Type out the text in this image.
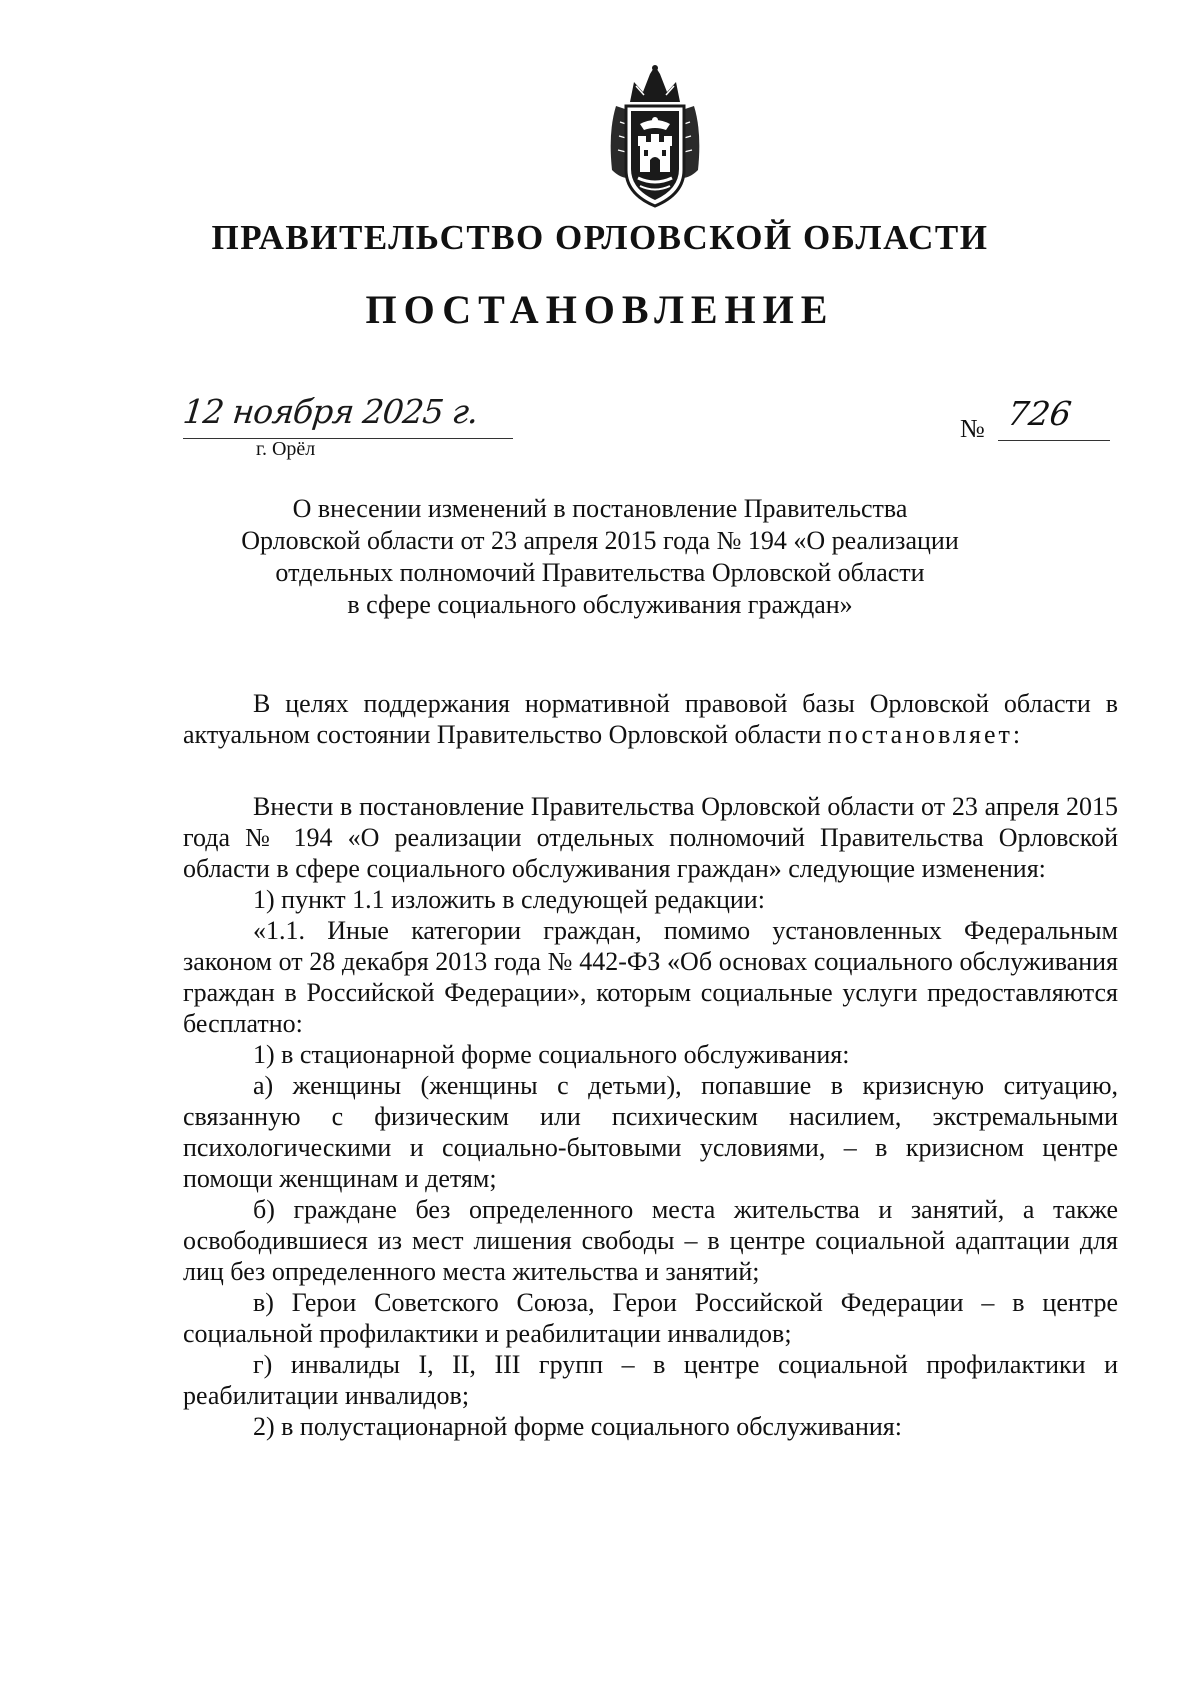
ПРАВИТЕЛЬСТВО ОРЛОВСКОЙ ОБЛАСТИ
ПОСТАНОВЛЕНИЕ
12 ноября 2025 г.
г. Орёл
№ 726
О внесении изменений в постановление Правительства
Орловской области от 23 апреля 2015 года № 194 «О реализации
отдельных полномочий Правительства Орловской области
в сфере социального обслуживания граждан»

В целях поддержания нормативной правовой базы Орловской области в актуальном состоянии Правительство Орловской области постановляет:

Внести в постановление Правительства Орловской области от 23 апреля 2015 года № 194 «О реализации отдельных полномочий Правительства Орловской области в сфере социального обслуживания граждан» следующие изменения:

1) пункт 1.1 изложить в следующей редакции:

«1.1. Иные категории граждан, помимо установленных Федеральным законом от 28 декабря 2013 года № 442-ФЗ «Об основах социального обслуживания граждан в Российской Федерации», которым социальные услуги предоставляются бесплатно:

1) в стационарной форме социального обслуживания:

а) женщины (женщины с детьми), попавшие в кризисную ситуацию, связанную с физическим или психическим насилием, экстремальными психологическими и социально-бытовыми условиями, – в кризисном центре помощи женщинам и детям;

б) граждане без определенного места жительства и занятий, а также освободившиеся из мест лишения свободы – в центре социальной адаптации для лиц без определенного места жительства и занятий;

в) Герои Советского Союза, Герои Российской Федерации – в центре социальной профилактики и реабилитации инвалидов;

г) инвалиды I, II, III групп – в центре социальной профилактики и реабилитации инвалидов;

2) в полустационарной форме социального обслуживания:
